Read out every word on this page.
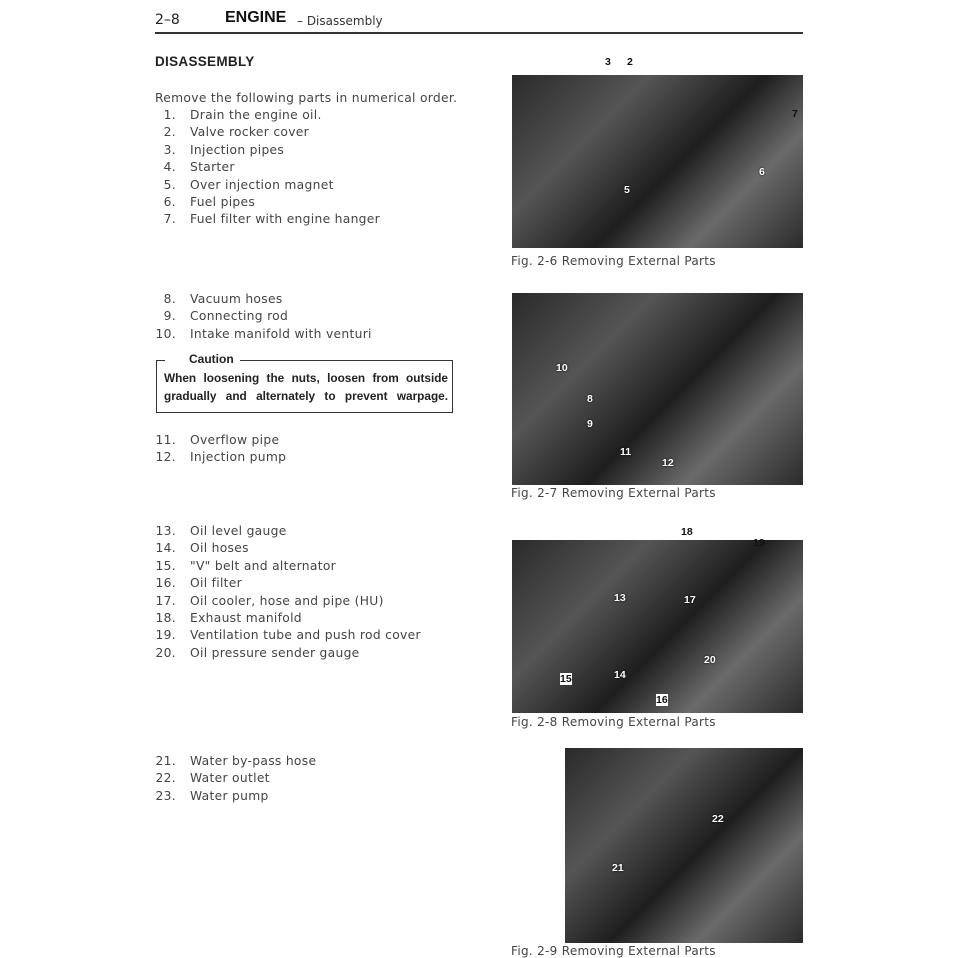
2–8	ENGINE – Disassembly
DISASSEMBLY
Remove the following parts in numerical order.
1. Drain the engine oil.
2. Valve rocker cover
3. Injection pipes
4. Starter
5. Over injection magnet
6. Fuel pipes
7. Fuel filter with engine hanger
8. Vacuum hoses
9. Connecting rod
10. Intake manifold with venturi
Caution
When loosening the nuts, loosen from outside gradually and alternately to prevent warpage.
11. Overflow pipe
12. Injection pump
13. Oil level gauge
14. Oil hoses
15. "V" belt and alternator
16. Oil filter
17. Oil cooler, hose and pipe (HU)
18. Exhaust manifold
19. Ventilation tube and push rod cover
20. Oil pressure sender gauge
21. Water by-pass hose
22. Water outlet
23. Water pump
Fig. 2-6 Removing External Parts
Fig. 2-7 Removing External Parts
Fig. 2-8 Removing External Parts
Fig. 2-9 Removing External Parts
3 2
7
5
6
10
8
9
11
12
18
19
13	17
20
15	14
16
22
21
